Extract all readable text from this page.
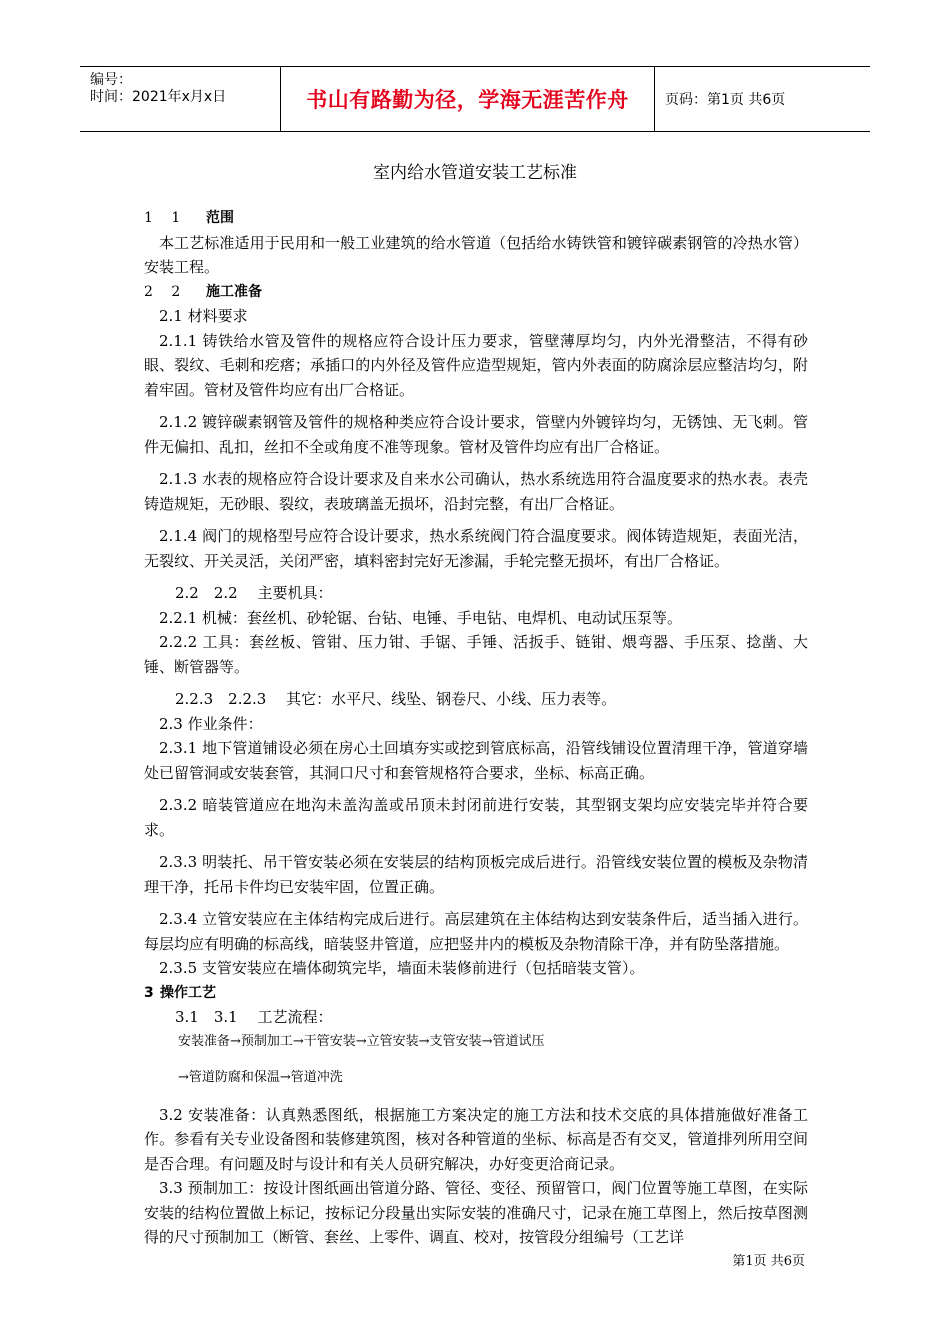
编号：
时间：2021年x月x日	书山有路勤为径，学海无涯苦作舟	页码：第1页 共6页
室内给水管道安装工艺标准
1　 1 范围
本工艺标准适用于民用和一般工业建筑的给水管道（包括给水铸铁管和镀锌碳素钢管的冷热水管）安装工程。
2　 2 施工准备
2.1 材料要求
2.1.1 铸铁给水管及管件的规格应符合设计压力要求，管壁薄厚均匀，内外光滑整洁，不得有砂眼、裂纹、毛刺和疙瘩；承插口的内外径及管件应造型规矩，管内外表面的防腐涂层应整洁均匀，附着牢固。管材及管件均应有出厂合格证。
2.1.2 镀锌碳素钢管及管件的规格种类应符合设计要求，管壁内外镀锌均匀，无锈蚀、无飞刺。管件无偏扣、乱扣，丝扣不全或角度不准等现象。管材及管件均应有出厂合格证。
2.1.3 水表的规格应符合设计要求及自来水公司确认，热水系统选用符合温度要求的热水表。表壳铸造规矩，无砂眼、裂纹，表玻璃盖无损坏，沿封完整，有出厂合格证。
2.1.4 阀门的规格型号应符合设计要求，热水系统阀门符合温度要求。阀体铸造规矩，表面光洁，无裂纹、开关灵活，关闭严密，填料密封完好无渗漏，手轮完整无损坏，有出厂合格证。
2.2　2.2　 主要机具：
2.2.1 机械：套丝机、砂轮锯、台钻、电锤、手电钻、电焊机、电动试压泵等。
2.2.2 工具：套丝板、管钳、压力钳、手锯、手锤、活扳手、链钳、煨弯器、手压泵、捻凿、大锤、断管器等。
2.2.3　2.2.3　 其它：水平尺、线坠、钢卷尺、小线、压力表等。
2.3 作业条件：
2.3.1 地下管道铺设必须在房心土回填夯实或挖到管底标高，沿管线铺设位置清理干净，管道穿墙处已留管洞或安装套管，其洞口尺寸和套管规格符合要求，坐标、标高正确。
2.3.2 暗装管道应在地沟未盖沟盖或吊顶未封闭前进行安装，其型钢支架均应安装完毕并符合要求。
2.3.3 明装托、吊干管安装必须在安装层的结构顶板完成后进行。沿管线安装位置的模板及杂物清理干净，托吊卡件均已安装牢固，位置正确。
2.3.4 立管安装应在主体结构完成后进行。高层建筑在主体结构达到安装条件后，适当插入进行。每层均应有明确的标高线，暗装竖井管道，应把竖井内的模板及杂物清除干净，并有防坠落措施。
2.3.5 支管安装应在墙体砌筑完毕，墙面未装修前进行（包括暗装支管）。
3 操作工艺
3.1　3.1　 工艺流程：
安装准备→预制加工→干管安装→立管安装→支管安装→管道试压
→管道防腐和保温→管道冲洗
3.2 安装准备：认真熟悉图纸，根据施工方案决定的施工方法和技术交底的具体措施做好准备工作。参看有关专业设备图和装修建筑图，核对各种管道的坐标、标高是否有交叉，管道排列所用空间是否合理。有问题及时与设计和有关人员研究解决，办好变更洽商记录。
3.3 预制加工：按设计图纸画出管道分路、管径、变径、预留管口，阀门位置等施工草图，在实际安装的结构位置做上标记，按标记分段量出实际安装的准确尺寸，记录在施工草图上，然后按草图测得的尺寸预制加工（断管、套丝、上零件、调直、校对，按管段分组编号（工艺详
第1页 共6页
